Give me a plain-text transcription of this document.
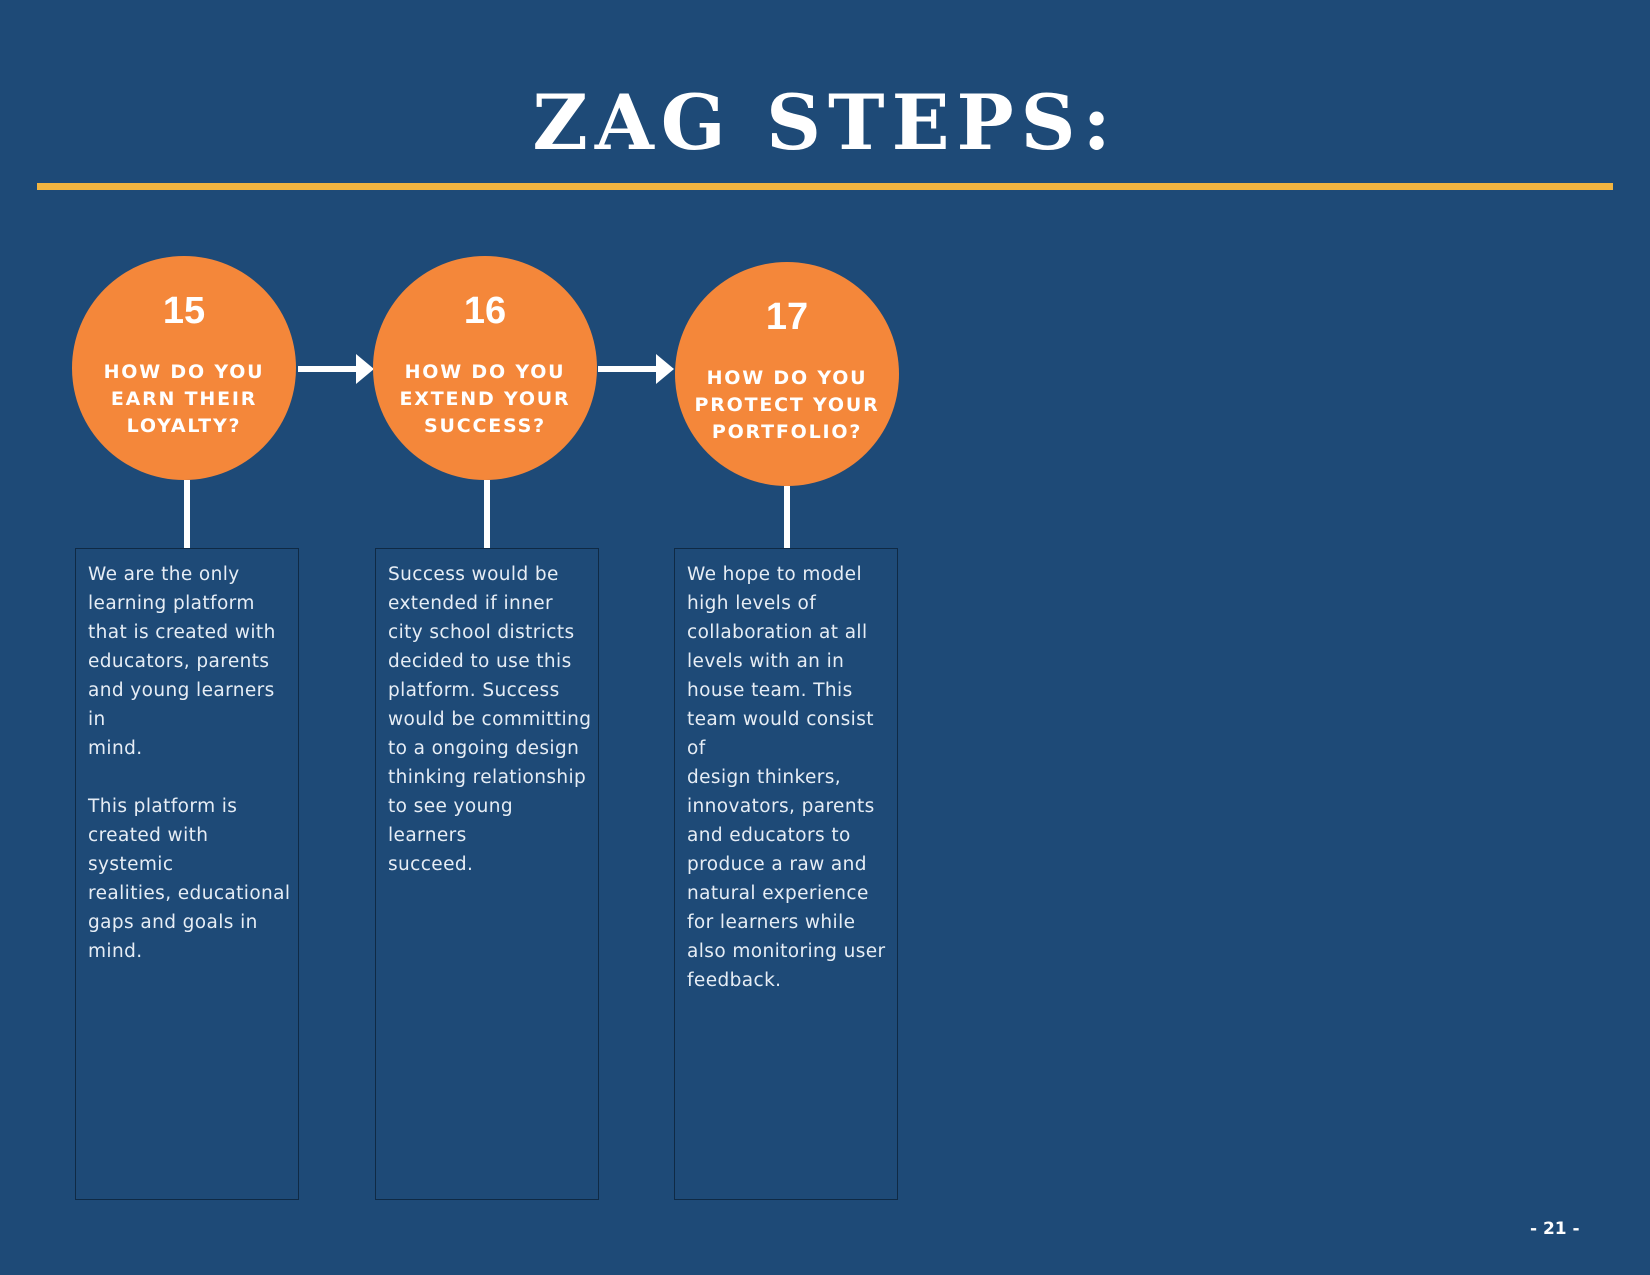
ZAG STEPS:
15
HOW DO YOU
EARN THEIR
LOYALTY?
16
HOW DO YOU
EXTEND YOUR
SUCCESS?
17
HOW DO YOU
PROTECT YOUR
PORTFOLIO?

We are the only
learning platform
that is created with
educators, parents
and young learners in
mind.

This platform is
created with systemic
realities, educational
gaps and goals in
mind.

Success would be
extended if inner
city school districts
decided to use this
platform. Success
would be committing
to a ongoing design
thinking relationship
to see young learners
succeed.

We hope to model
high levels of
collaboration at all
levels with an in
house team. This
team would consist of
design thinkers,
innovators, parents
and educators to
produce a raw and
natural experience
for learners while
also monitoring user
feedback.

- 21 -
